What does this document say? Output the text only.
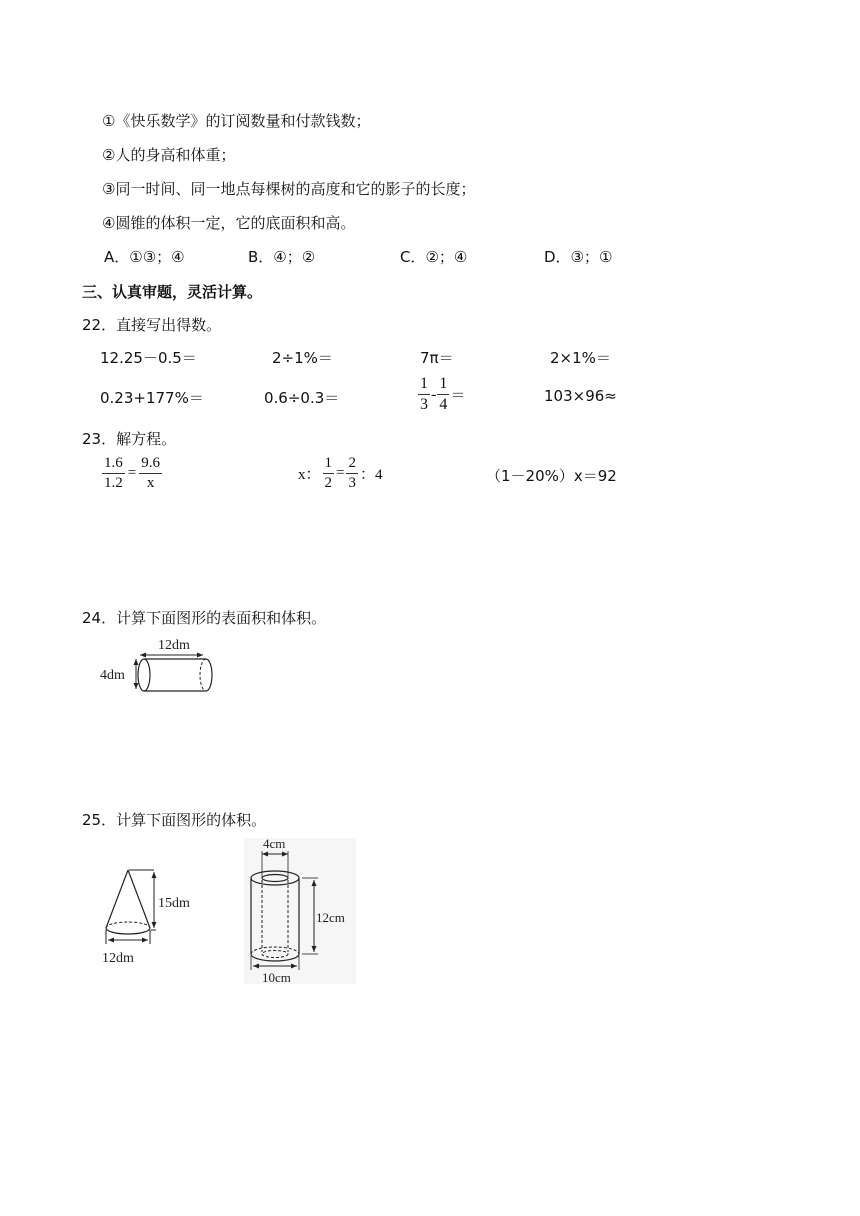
①《快乐数学》的订阅数量和付款钱数；
②人的身高和体重；
③同一时间、同一地点每棵树的高度和它的影子的长度；
④圆锥的体积一定，它的底面积和高。
A．①③；④	B．④；②	C．②；④	D．③；①
三、认真审题，灵活计算。
22．直接写出得数。
12.25－0.5＝	2÷1%＝	7π＝	2×1%＝
0.23+177%＝	0.6÷0.3＝	$\frac{1}{3} - \frac{1}{4}$ ＝	103×96≈
23．解方程。
$\frac{1.6}{1.2} = \frac{9.6}{x}$	x： $\frac{1}{2} = \frac{2}{3}$ ：4	（1－20%）x＝92
24．计算下面图形的表面积和体积。
12dm
4dm
25．计算下面图形的体积。
15dm
12dm
4cm
12cm
10cm
